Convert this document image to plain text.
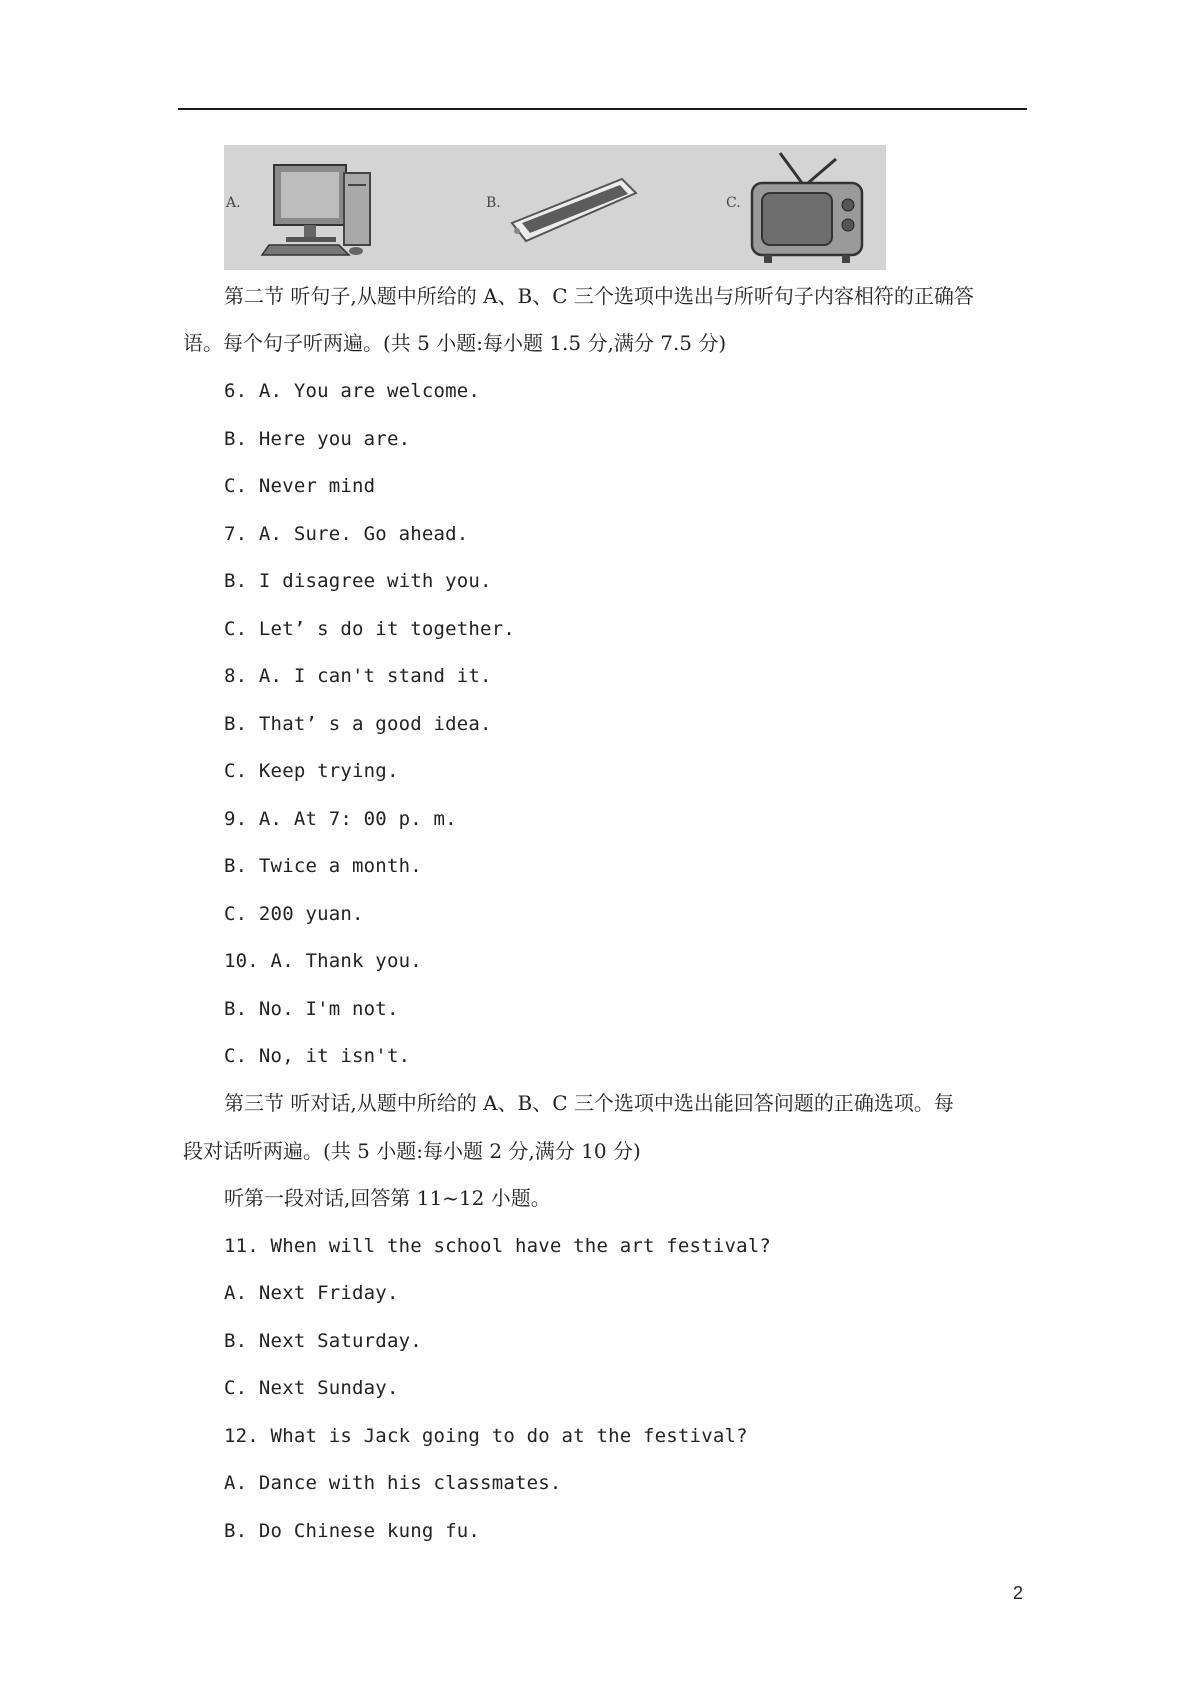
A.	B.	C.
第二节 听句子,从题中所给的 A、B、C 三个选项中选出与所听句子内容相符的正确答
语。每个句子听两遍。(共 5 小题:每小题 1.5 分,满分 7.5 分)
6. A. You are welcome.
B. Here you are.
C. Never mind
7. A. Sure. Go ahead.
B. I disagree with you.
C. Let’ s do it together.
8. A. I can't stand it.
B. That’ s a good idea.
C. Keep trying.
9. A. At 7: 00 p. m.
B. Twice a month.
C. 200 yuan.
10. A. Thank you.
B. No. I'm not.
C. No, it isn't.
第三节 听对话,从题中所给的 A、B、C 三个选项中选出能回答问题的正确选项。每
段对话听两遍。(共 5 小题:每小题 2 分,满分 10 分)
听第一段对话,回答第 11~12 小题。
11. When will the school have the art festival?
A. Next Friday.
B. Next Saturday.
C. Next Sunday.
12. What is Jack going to do at the festival?
A. Dance with his classmates.
B. Do Chinese kung fu.
2
